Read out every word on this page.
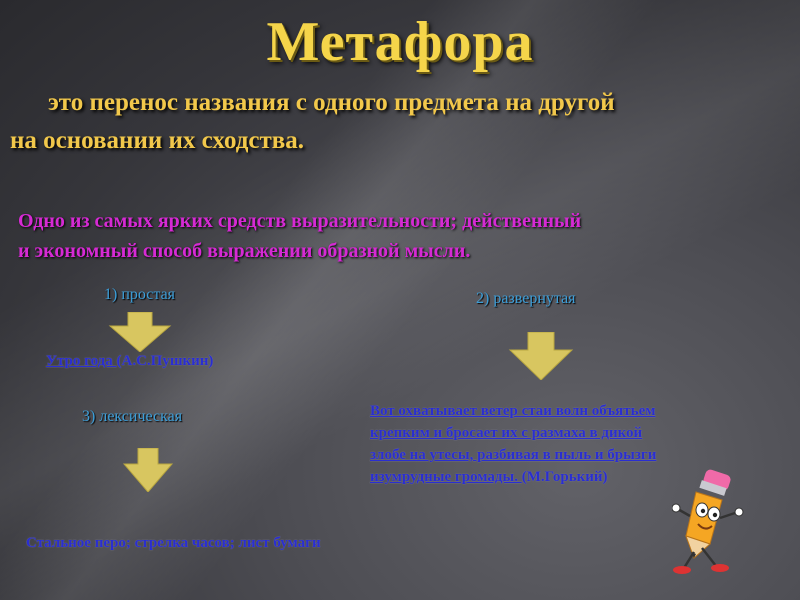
Метафора
это перенос названия с одного предмета на другой
на основании их сходства.
Одно из самых ярких средств выразительности; действенный
и экономный способ выражении образной мысли.
1) простая
Утро года (А.С.Пушкин)
2) развернутая
Вот охватывает ветер стаи волн объятьем
крепким и бросает их с размаха в дикой
злобе на утесы, разбивая в пыль и брызги
изумрудные громады. (М.Горький)
3) лексическая
Стальное перо; стрелка часов; лист бумаги
